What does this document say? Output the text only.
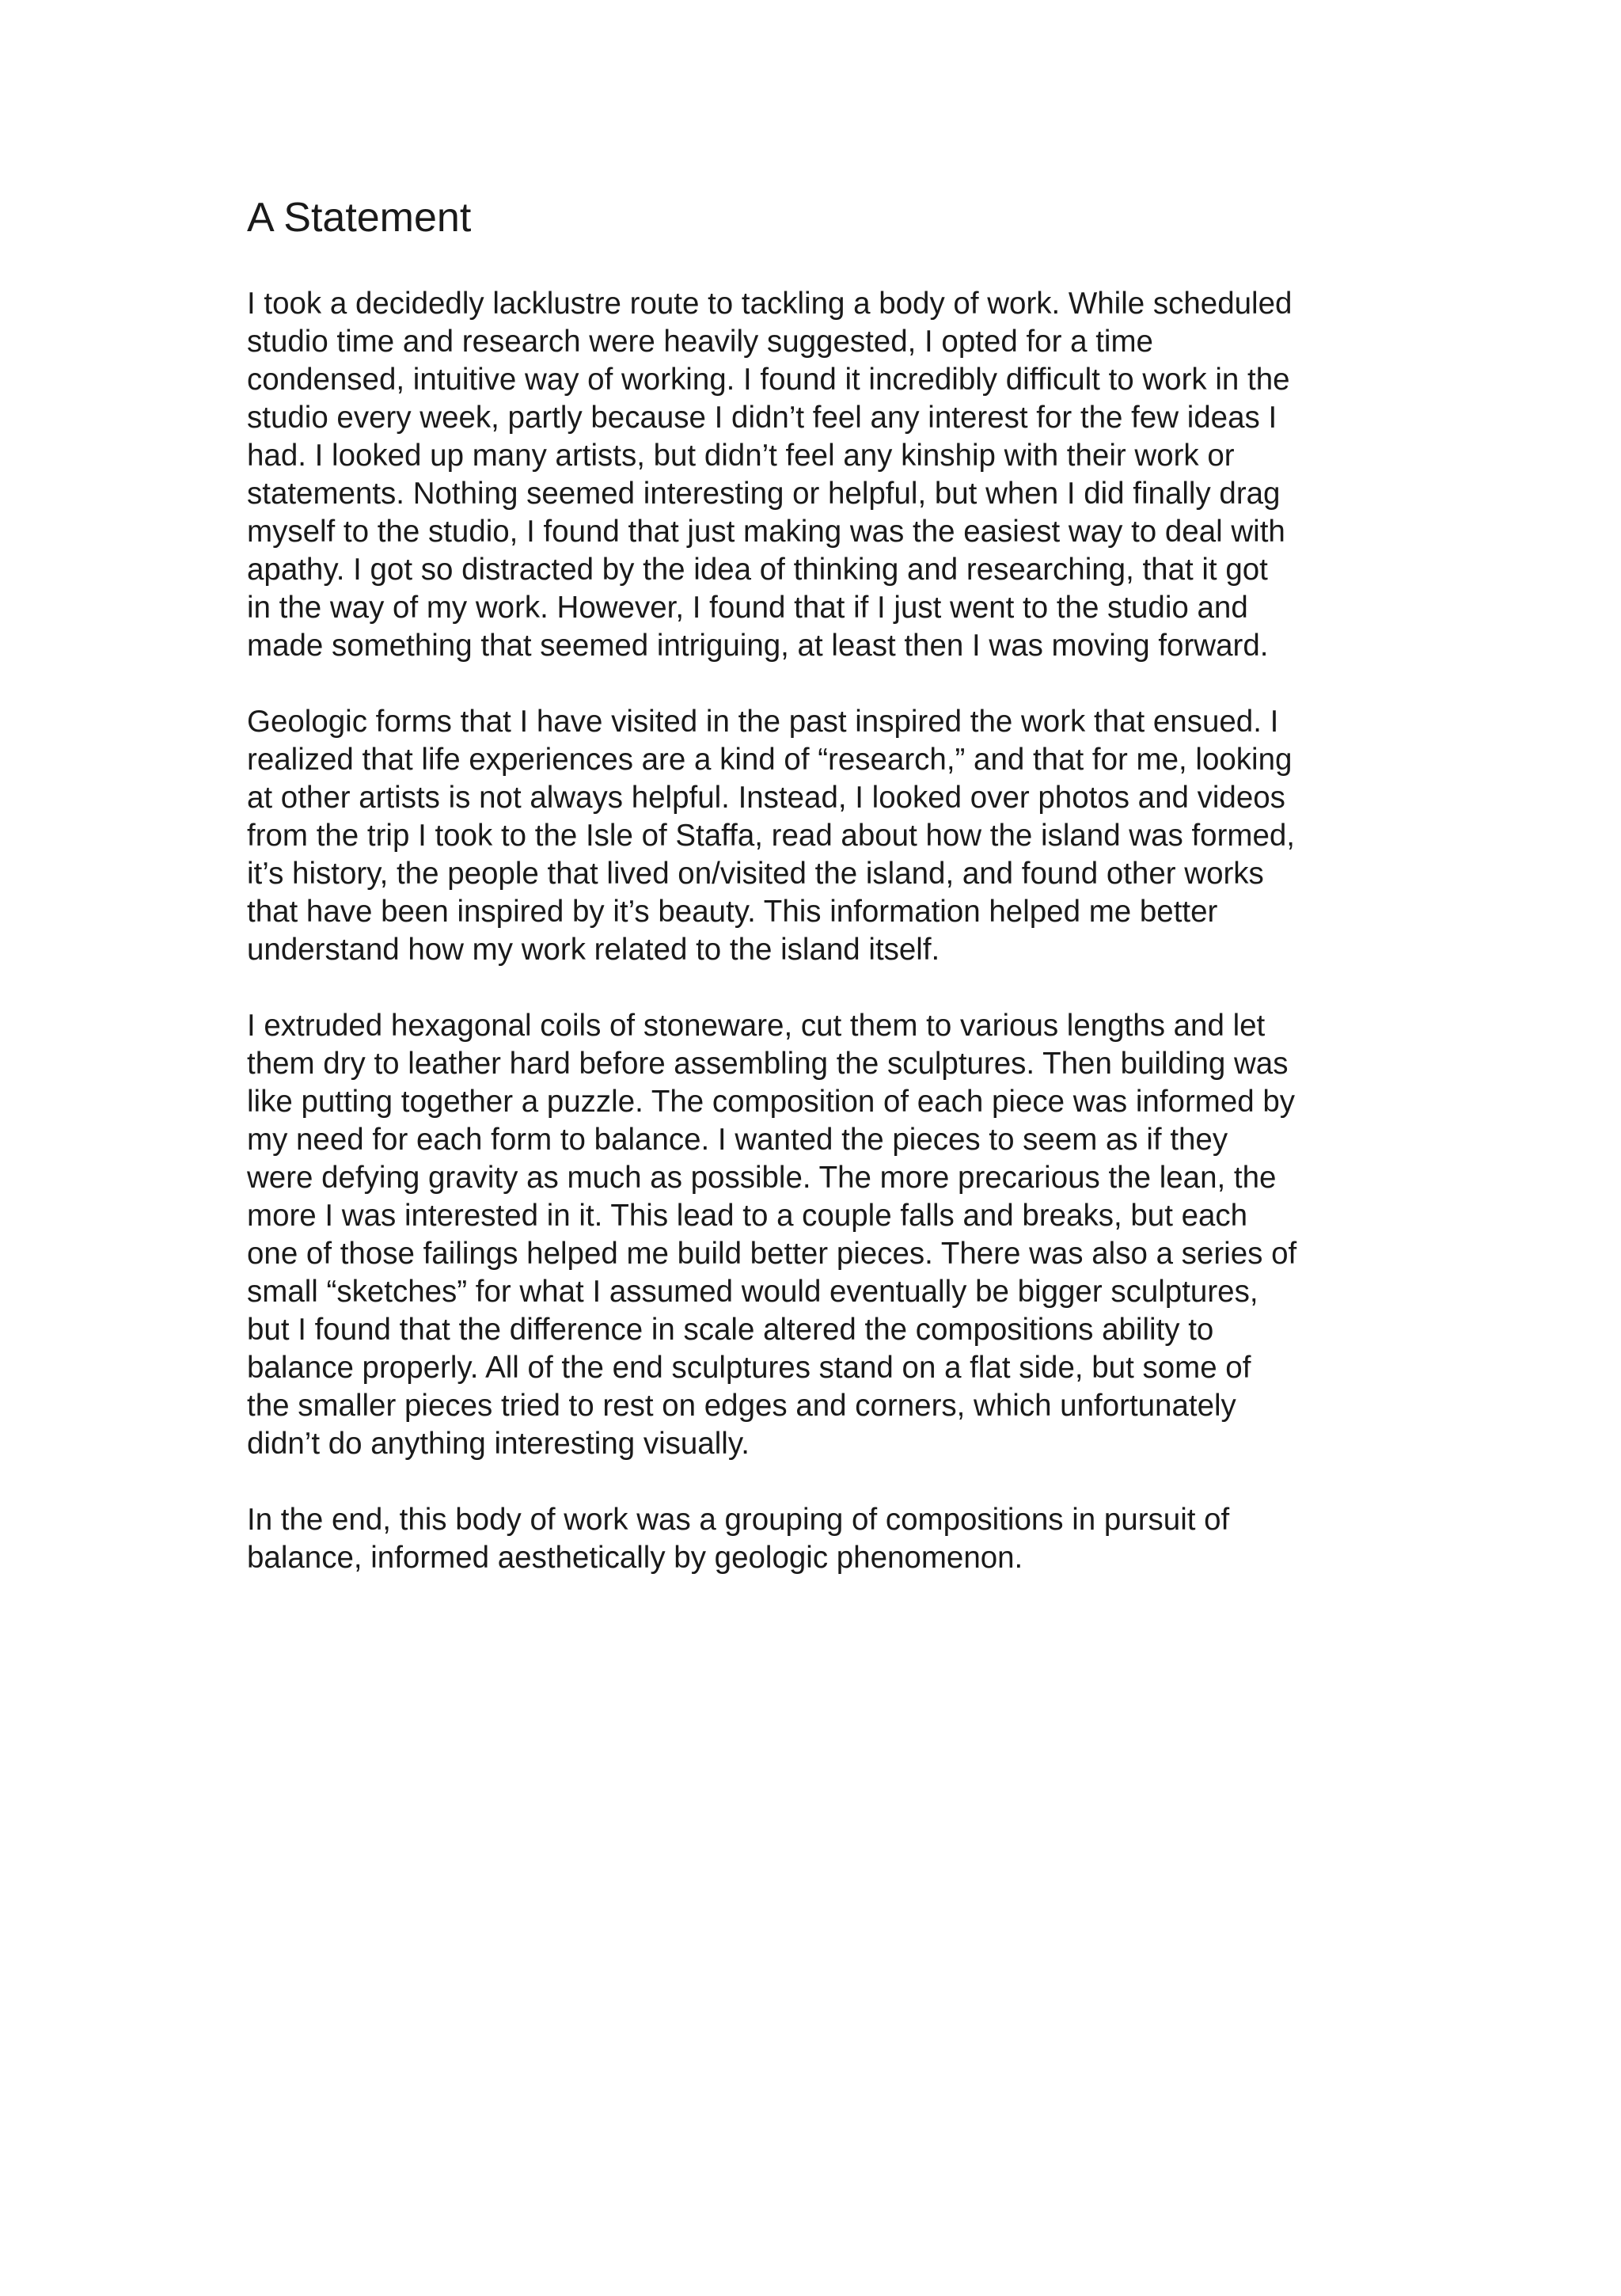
A Statement

I took a decidedly lacklustre route to tackling a body of work. While scheduled
studio time and research were heavily suggested, I opted for a time
condensed, intuitive way of working. I found it incredibly difficult to work in the
studio every week, partly because I didn’t feel any interest for the few ideas I
had. I looked up many artists, but didn’t feel any kinship with their work or
statements. Nothing seemed interesting or helpful, but when I did finally drag
myself to the studio, I found that just making was the easiest way to deal with
apathy. I got so distracted by the idea of thinking and researching, that it got
in the way of my work. However, I found that if I just went to the studio and
made something that seemed intriguing, at least then I was moving forward.

Geologic forms that I have visited in the past inspired the work that ensued. I
realized that life experiences are a kind of “research,” and that for me, looking
at other artists is not always helpful. Instead, I looked over photos and videos
from the trip I took to the Isle of Staffa, read about how the island was formed,
it’s history, the people that lived on/visited the island, and found other works
that have been inspired by it’s beauty. This information helped me better
understand how my work related to the island itself.

I extruded hexagonal coils of stoneware, cut them to various lengths and let
them dry to leather hard before assembling the sculptures. Then building was
like putting together a puzzle. The composition of each piece was informed by
my need for each form to balance. I wanted the pieces to seem as if they
were defying gravity as much as possible. The more precarious the lean, the
more I was interested in it. This lead to a couple falls and breaks, but each
one of those failings helped me build better pieces. There was also a series of
small “sketches” for what I assumed would eventually be bigger sculptures,
but I found that the difference in scale altered the compositions ability to
balance properly. All of the end sculptures stand on a flat side, but some of
the smaller pieces tried to rest on edges and corners, which unfortunately
didn’t do anything interesting visually.

In the end, this body of work was a grouping of compositions in pursuit of
balance, informed aesthetically by geologic phenomenon.
